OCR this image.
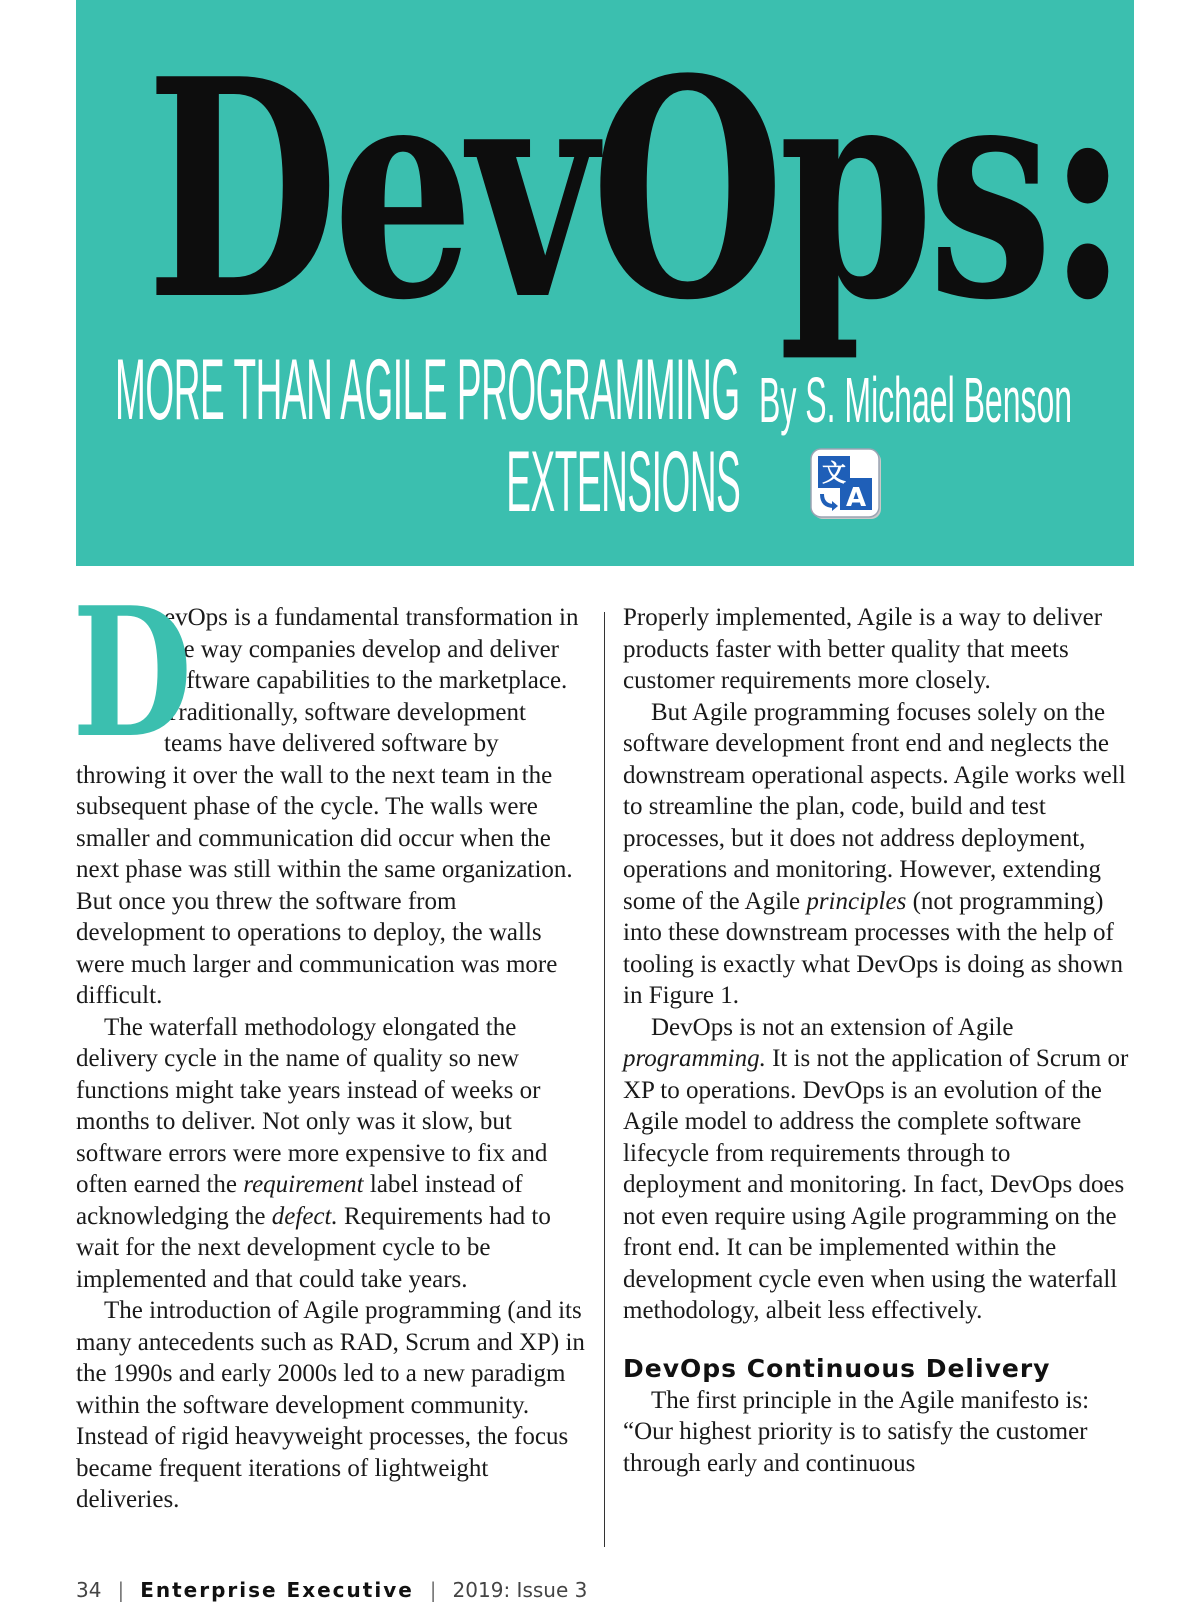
DevOps:

MORE THAN AGILE PROGRAMMING

EXTENSIONS

By S. Michael Benson

文
A

D
evOps is a fundamental transformation in the way companies develop and deliver software capabilities to the marketplace. Traditionally, software development teams have delivered software by throwing it over the wall to the next team in the subsequent phase of the cycle. The walls were smaller and communication did occur when the next phase was still within the same organization. But once you threw the software from development to operations to deploy, the walls were much larger and communication was more difficult.

The waterfall methodology elongated the delivery cycle in the name of quality so new functions might take years instead of weeks or months to deliver. Not only was it slow, but software errors were more expensive to fix and often earned the requirement label instead of acknowledging the defect. Requirements had to wait for the next development cycle to be implemented and that could take years.

The introduction of Agile programming (and its many antecedents such as RAD, Scrum and XP) in the 1990s and early 2000s led to a new paradigm within the software development community. Instead of rigid heavyweight processes, the focus became frequent iterations of lightweight deliveries.

Properly implemented, Agile is a way to deliver products faster with better quality that meets customer requirements more closely.

But Agile programming focuses solely on the software development front end and neglects the downstream operational aspects. Agile works well to streamline the plan, code, build and test processes, but it does not address deployment, operations and monitoring. However, extending some of the Agile principles (not programming) into these downstream processes with the help of tooling is exactly what DevOps is doing as shown in Figure 1.

DevOps is not an extension of Agile programming. It is not the application of Scrum or XP to operations. DevOps is an evolution of the Agile model to address the complete software lifecycle from requirements through to deployment and monitoring. In fact, DevOps does not even require using Agile programming on the front end. It can be implemented within the development cycle even when using the waterfall methodology, albeit less effectively.

DevOps Continuous Delivery

The first principle in the Agile manifesto is: “Our highest priority is to satisfy the customer through early and continuous

34 | Enterprise Executive | 2019: Issue 3
